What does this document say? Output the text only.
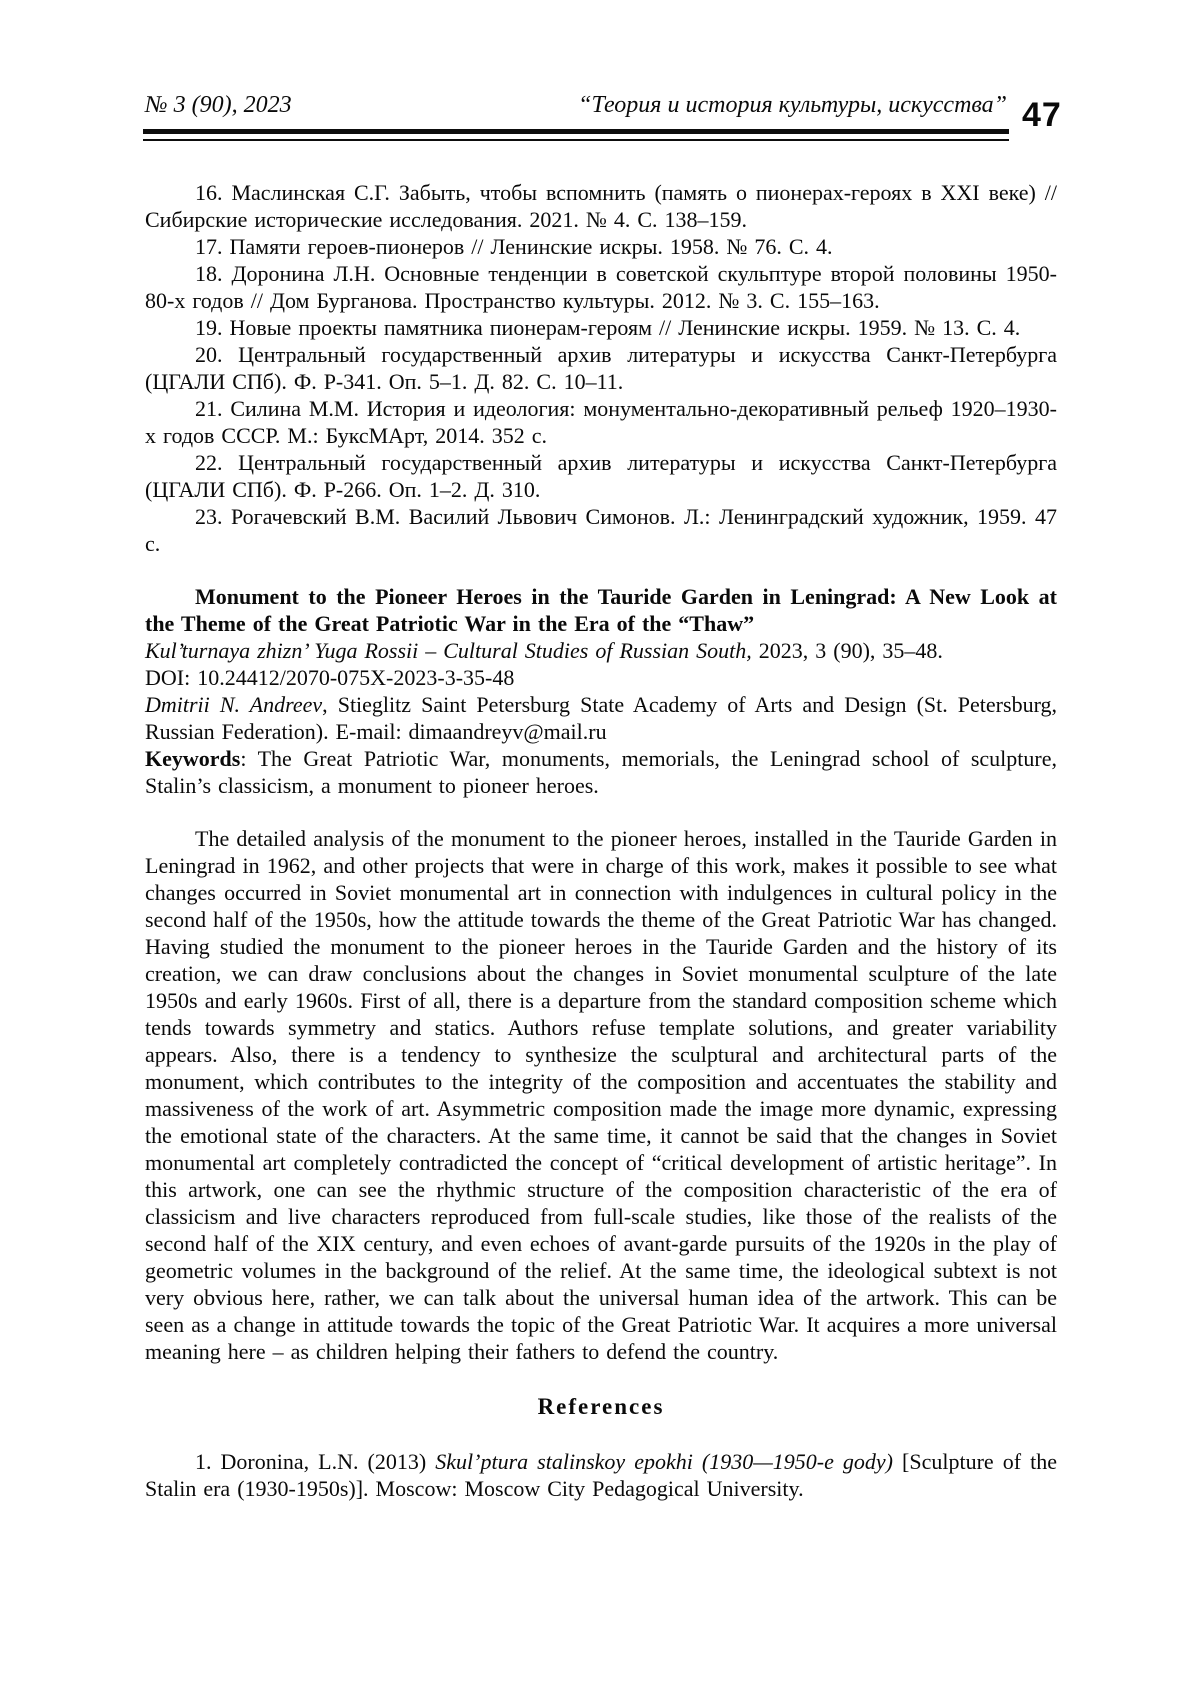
№ 3 (90), 2023	“Теория и история культуры, искусства” 47

16. Маслинская С.Г. Забыть, чтобы вспомнить (память о пионерах-героях в XXI веке) // Сибирские исторические исследования. 2021. № 4. С. 138–159.

17. Памяти героев-пионеров // Ленинские искры. 1958. № 76. С. 4.

18. Доронина Л.Н. Основные тенденции в советской скульптуре второй половины 1950-80-х годов // Дом Бурганова. Пространство культуры. 2012. № 3. С. 155–163.

19. Новые проекты памятника пионерам-героям // Ленинские искры. 1959. № 13. С. 4.

20. Центральный государственный архив литературы и искусства Санкт-Петербурга (ЦГАЛИ СПб). Ф. Р-341. Оп. 5–1. Д. 82. С. 10–11.

21. Силина М.М. История и идеология: монументально-декоративный рельеф 1920–1930-х годов СССР. М.: БуксМАрт, 2014. 352 с.

22. Центральный государственный архив литературы и искусства Санкт-Петербурга (ЦГАЛИ СПб). Ф. Р-266. Оп. 1–2. Д. 310.

23. Рогачевский В.М. Василий Львович Симонов. Л.: Ленинградский художник, 1959. 47 с.

Monument to the Pioneer Heroes in the Tauride Garden in Leningrad: A New Look at the Theme of the Great Patriotic War in the Era of the “Thaw”

Kul’turnaya zhizn’ Yuga Rossii – Cultural Studies of Russian South, 2023, 3 (90), 35–48.

DOI: 10.24412/2070-075X-2023-3-35-48

Dmitrii N. Andreev, Stieglitz Saint Petersburg State Academy of Arts and Design (St. Petersburg, Russian Federation). E-mail: dimaandreyv@mail.ru

Keywords: The Great Patriotic War, monuments, memorials, the Leningrad school of sculpture, Stalin’s classicism, a monument to pioneer heroes.

The detailed analysis of the monument to the pioneer heroes, installed in the Tauride Garden in Leningrad in 1962, and other projects that were in charge of this work, makes it possible to see what changes occurred in Soviet monumental art in connection with indulgences in cultural policy in the second half of the 1950s, how the attitude towards the theme of the Great Patriotic War has changed. Having studied the monument to the pioneer heroes in the Tauride Garden and the history of its creation, we can draw conclusions about the changes in Soviet monumental sculpture of the late 1950s and early 1960s. First of all, there is a departure from the standard composition scheme which tends towards symmetry and statics. Authors refuse template solutions, and greater variability appears. Also, there is a tendency to synthesize the sculptural and architectural parts of the monument, which contributes to the integrity of the composition and accentuates the stability and massiveness of the work of art. Asymmetric composition made the image more dynamic, expressing the emotional state of the characters. At the same time, it cannot be said that the changes in Soviet monumental art completely contradicted the concept of “critical development of artistic heritage”. In this artwork, one can see the rhythmic structure of the composition characteristic of the era of classicism and live characters reproduced from full-scale studies, like those of the realists of the second half of the XIX century, and even echoes of avant-garde pursuits of the 1920s in the play of geometric volumes in the background of the relief. At the same time, the ideological subtext is not very obvious here, rather, we can talk about the universal human idea of the artwork. This can be seen as a change in attitude towards the topic of the Great Patriotic War. It acquires a more universal meaning here – as children helping their fathers to defend the country.

References

1. Doronina, L.N. (2013) Skul’ptura stalinskoy epokhi (1930—1950-e gody) [Sculpture of the Stalin era (1930-1950s)]. Moscow: Moscow City Pedagogical University.
